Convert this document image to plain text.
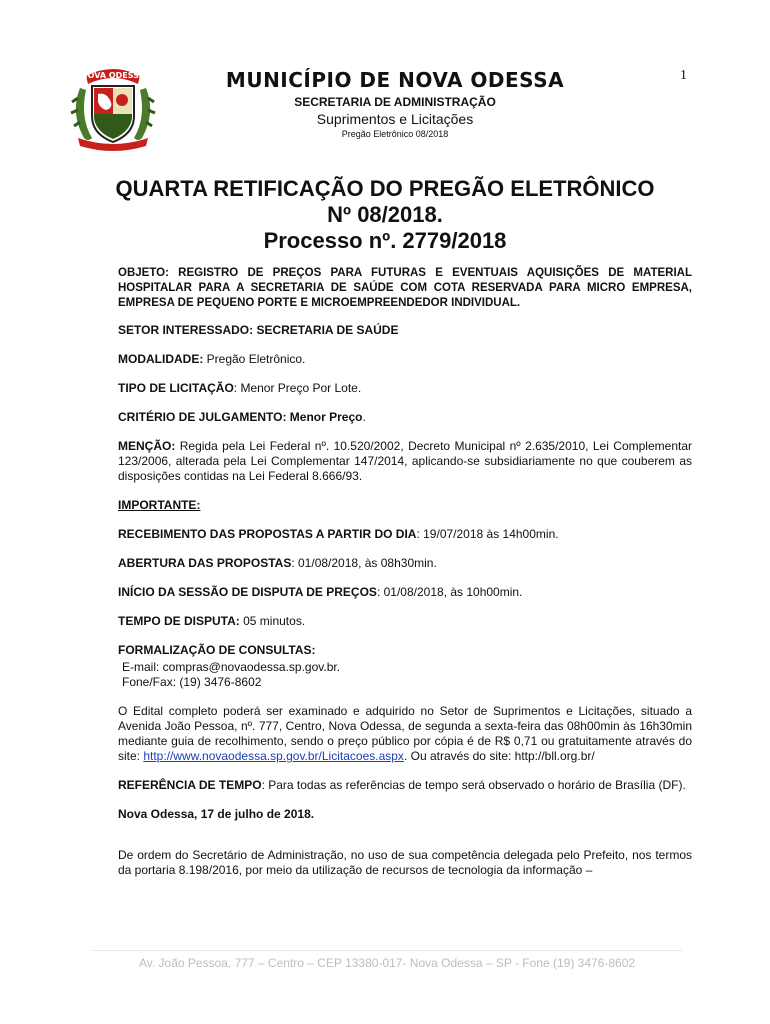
1
NOVA ODESSA	MUNICÍPIO DE NOVA ODESSA
SECRETARIA DE ADMINISTRAÇÃO
Suprimentos e Licitações
Pregão Eletrônico 08/2018
QUARTA RETIFICAÇÃO DO PREGÃO ELETRÔNICO
Nº 08/2018.
Processo nº. 2779/2018

OBJETO: REGISTRO DE PREÇOS PARA FUTURAS E EVENTUAIS AQUISIÇÕES DE MATERIAL HOSPITALAR PARA A SECRETARIA DE SAÚDE COM COTA RESERVADA PARA MICRO EMPRESA, EMPRESA DE PEQUENO PORTE E MICROEMPREENDEDOR INDIVIDUAL.

SETOR INTERESSADO: SECRETARIA DE SAÚDE

MODALIDADE: Pregão Eletrônico.

TIPO DE LICITAÇÃO: Menor Preço Por Lote.

CRITÉRIO DE JULGAMENTO: Menor Preço.

MENÇÃO: Regida pela Lei Federal nº. 10.520/2002, Decreto Municipal nº 2.635/2010, Lei Complementar 123/2006, alterada pela Lei Complementar 147/2014, aplicando-se subsidiariamente no que couberem as disposições contidas na Lei Federal 8.666/93.

IMPORTANTE:

RECEBIMENTO DAS PROPOSTAS A PARTIR DO DIA: 19/07/2018 às 14h00min.

ABERTURA DAS PROPOSTAS: 01/08/2018, às 08h30min.

INÍCIO DA SESSÃO DE DISPUTA DE PREÇOS: 01/08/2018, às 10h00min.

TEMPO DE DISPUTA: 05 minutos.

FORMALIZAÇÃO DE CONSULTAS:

E-mail: compras@novaodessa.sp.gov.br.

Fone/Fax: (19) 3476-8602

O Edital completo poderá ser examinado e adquirido no Setor de Suprimentos e Licitações, situado a Avenida João Pessoa, nº. 777, Centro, Nova Odessa, de segunda a sexta-feira das 08h00min às 16h30min mediante guia de recolhimento, sendo o preço público por cópia é de R$ 0,71 ou gratuitamente através do site: http://www.novaodessa.sp.gov.br/Licitacoes.aspx. Ou através do site: http://bll.org.br/

REFERÊNCIA DE TEMPO: Para todas as referências de tempo será observado o horário de Brasília (DF).

Nova Odessa, 17 de julho de 2018.

De ordem do Secretário de Administração, no uso de sua competência delegada pelo Prefeito, nos termos da portaria 8.198/2016, por meio da utilização de recursos de tecnologia da informação –

Av. João Pessoa, 777 – Centro – CEP 13380-017- Nova Odessa – SP - Fone (19) 3476-8602
